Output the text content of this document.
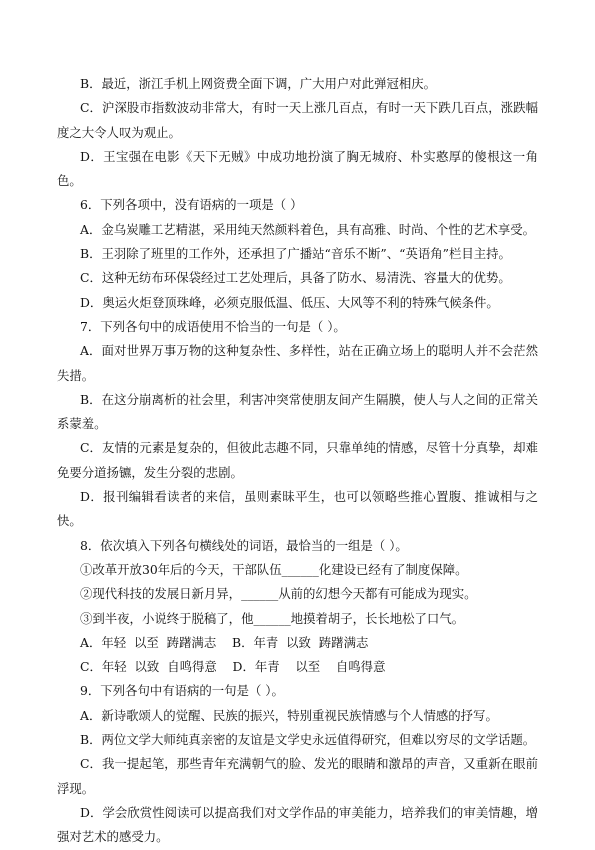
B．最近，浙江手机上网资费全面下调，广大用户对此弹冠相庆。

C．沪深股市指数波动非常大，有时一天上涨几百点，有时一天下跌几百点，涨跌幅度之大令人叹为观止。

D．王宝强在电影《天下无贼》中成功地扮演了胸无城府、朴实憨厚的傻根这一角色。

6．下列各项中，没有语病的一项是（ ）

A．金乌炭雕工艺精湛，采用纯天然颜料着色，具有高雅、时尚、个性的艺术享受。

B．王羽除了班里的工作外，还承担了广播站“音乐不断”、“英语角”栏目主持。

C．这种无纺布环保袋经过工艺处理后，具备了防水、易清洗、容量大的优势。

D．奥运火炬登顶珠峰，必须克服低温、低压、大风等不利的特殊气候条件。

7．下列各句中的成语使用不恰当的一句是（ ）。

A．面对世界万事万物的这种复杂性、多样性，站在正确立场上的聪明人并不会茫然失措。

B．在这分崩离析的社会里，利害冲突常使朋友间产生隔膜，使人与人之间的正常关系蒙羞。

C．友情的元素是复杂的，但彼此志趣不同，只靠单纯的情感，尽管十分真挚，却难免要分道扬镳，发生分裂的悲剧。

D．报刊编辑看读者的来信，虽则素昧平生，也可以领略些推心置腹、推诚相与之快。

8．依次填入下列各句横线处的词语，最恰当的一组是（ ）。

①改革开放30年后的今天，干部队伍______化建设已经有了制度保障。

②现代科技的发展日新月异，______从前的幻想今天都有可能成为现实。

③到半夜，小说终于脱稿了，他______地摸着胡子，长长地松了口气。

A．年轻  以至  踌躇满志    B．年青  以致  踌躇满志

C．年轻  以致  自鸣得意    D．年青    以至    自鸣得意

9．下列各句中有语病的一句是（ ）。

A．新诗歌颂人的觉醒、民族的振兴，特别重视民族情感与个人情感的抒写。

B．两位文学大师纯真亲密的友谊是文学史永远值得研究，但难以穷尽的文学话题。

C．我一提起笔，那些青年充满朝气的脸、发光的眼睛和激昂的声音，又重新在眼前浮现。

D．学会欣赏性阅读可以提高我们对文学作品的审美能力，培养我们的审美情趣，增强对艺术的感受力。
